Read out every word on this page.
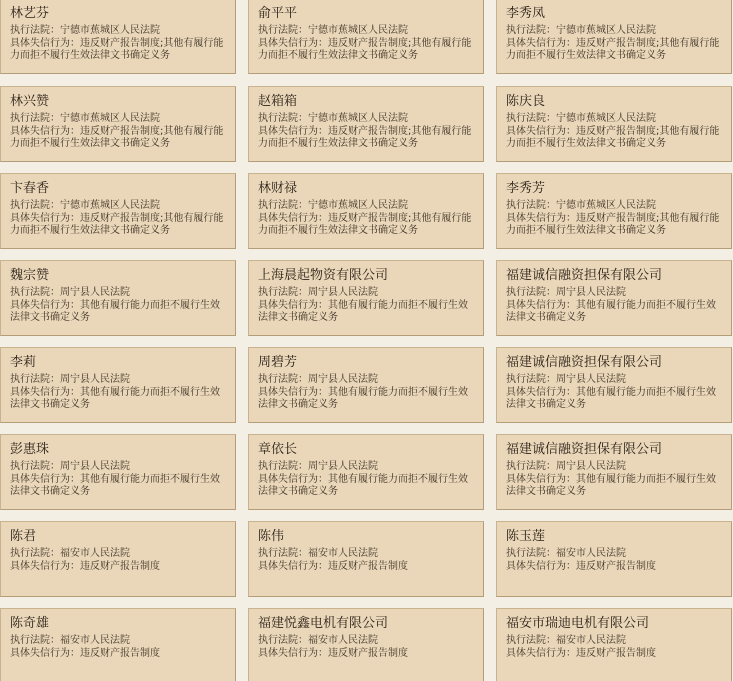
林艺芬
执行法院：宁德市蕉城区人民法院
具体失信行为：违反财产报告制度;其他有履行能力而拒不履行生效法律文书确定义务
俞平平
执行法院：宁德市蕉城区人民法院
具体失信行为：违反财产报告制度;其他有履行能力而拒不履行生效法律文书确定义务
李秀凤
执行法院：宁德市蕉城区人民法院
具体失信行为：违反财产报告制度;其他有履行能力而拒不履行生效法律文书确定义务
林兴赞
执行法院：宁德市蕉城区人民法院
具体失信行为：违反财产报告制度;其他有履行能力而拒不履行生效法律文书确定义务
赵箱箱
执行法院：宁德市蕉城区人民法院
具体失信行为：违反财产报告制度;其他有履行能力而拒不履行生效法律文书确定义务
陈庆良
执行法院：宁德市蕉城区人民法院
具体失信行为：违反财产报告制度;其他有履行能力而拒不履行生效法律文书确定义务
卞春香
执行法院：宁德市蕉城区人民法院
具体失信行为：违反财产报告制度;其他有履行能力而拒不履行生效法律文书确定义务
林财禄
执行法院：宁德市蕉城区人民法院
具体失信行为：违反财产报告制度;其他有履行能力而拒不履行生效法律文书确定义务
李秀芳
执行法院：宁德市蕉城区人民法院
具体失信行为：违反财产报告制度;其他有履行能力而拒不履行生效法律文书确定义务
魏宗赞
执行法院：周宁县人民法院
具体失信行为：其他有履行能力而拒不履行生效法律文书确定义务
上海晨起物资有限公司
执行法院：周宁县人民法院
具体失信行为：其他有履行能力而拒不履行生效法律文书确定义务
福建诚信融资担保有限公司
执行法院：周宁县人民法院
具体失信行为：其他有履行能力而拒不履行生效法律文书确定义务
李莉
执行法院：周宁县人民法院
具体失信行为：其他有履行能力而拒不履行生效法律文书确定义务
周碧芳
执行法院：周宁县人民法院
具体失信行为：其他有履行能力而拒不履行生效法律文书确定义务
福建诚信融资担保有限公司
执行法院：周宁县人民法院
具体失信行为：其他有履行能力而拒不履行生效法律文书确定义务
彭惠珠
执行法院：周宁县人民法院
具体失信行为：其他有履行能力而拒不履行生效法律文书确定义务
章依长
执行法院：周宁县人民法院
具体失信行为：其他有履行能力而拒不履行生效法律文书确定义务
福建诚信融资担保有限公司
执行法院：周宁县人民法院
具体失信行为：其他有履行能力而拒不履行生效法律文书确定义务
陈君
执行法院：福安市人民法院
具体失信行为：违反财产报告制度
陈伟
执行法院：福安市人民法院
具体失信行为：违反财产报告制度
陈玉莲
执行法院：福安市人民法院
具体失信行为：违反财产报告制度
陈奇雄
执行法院：福安市人民法院
具体失信行为：违反财产报告制度
福建悦鑫电机有限公司
执行法院：福安市人民法院
具体失信行为：违反财产报告制度
福安市瑞迪电机有限公司
执行法院：福安市人民法院
具体失信行为：违反财产报告制度
